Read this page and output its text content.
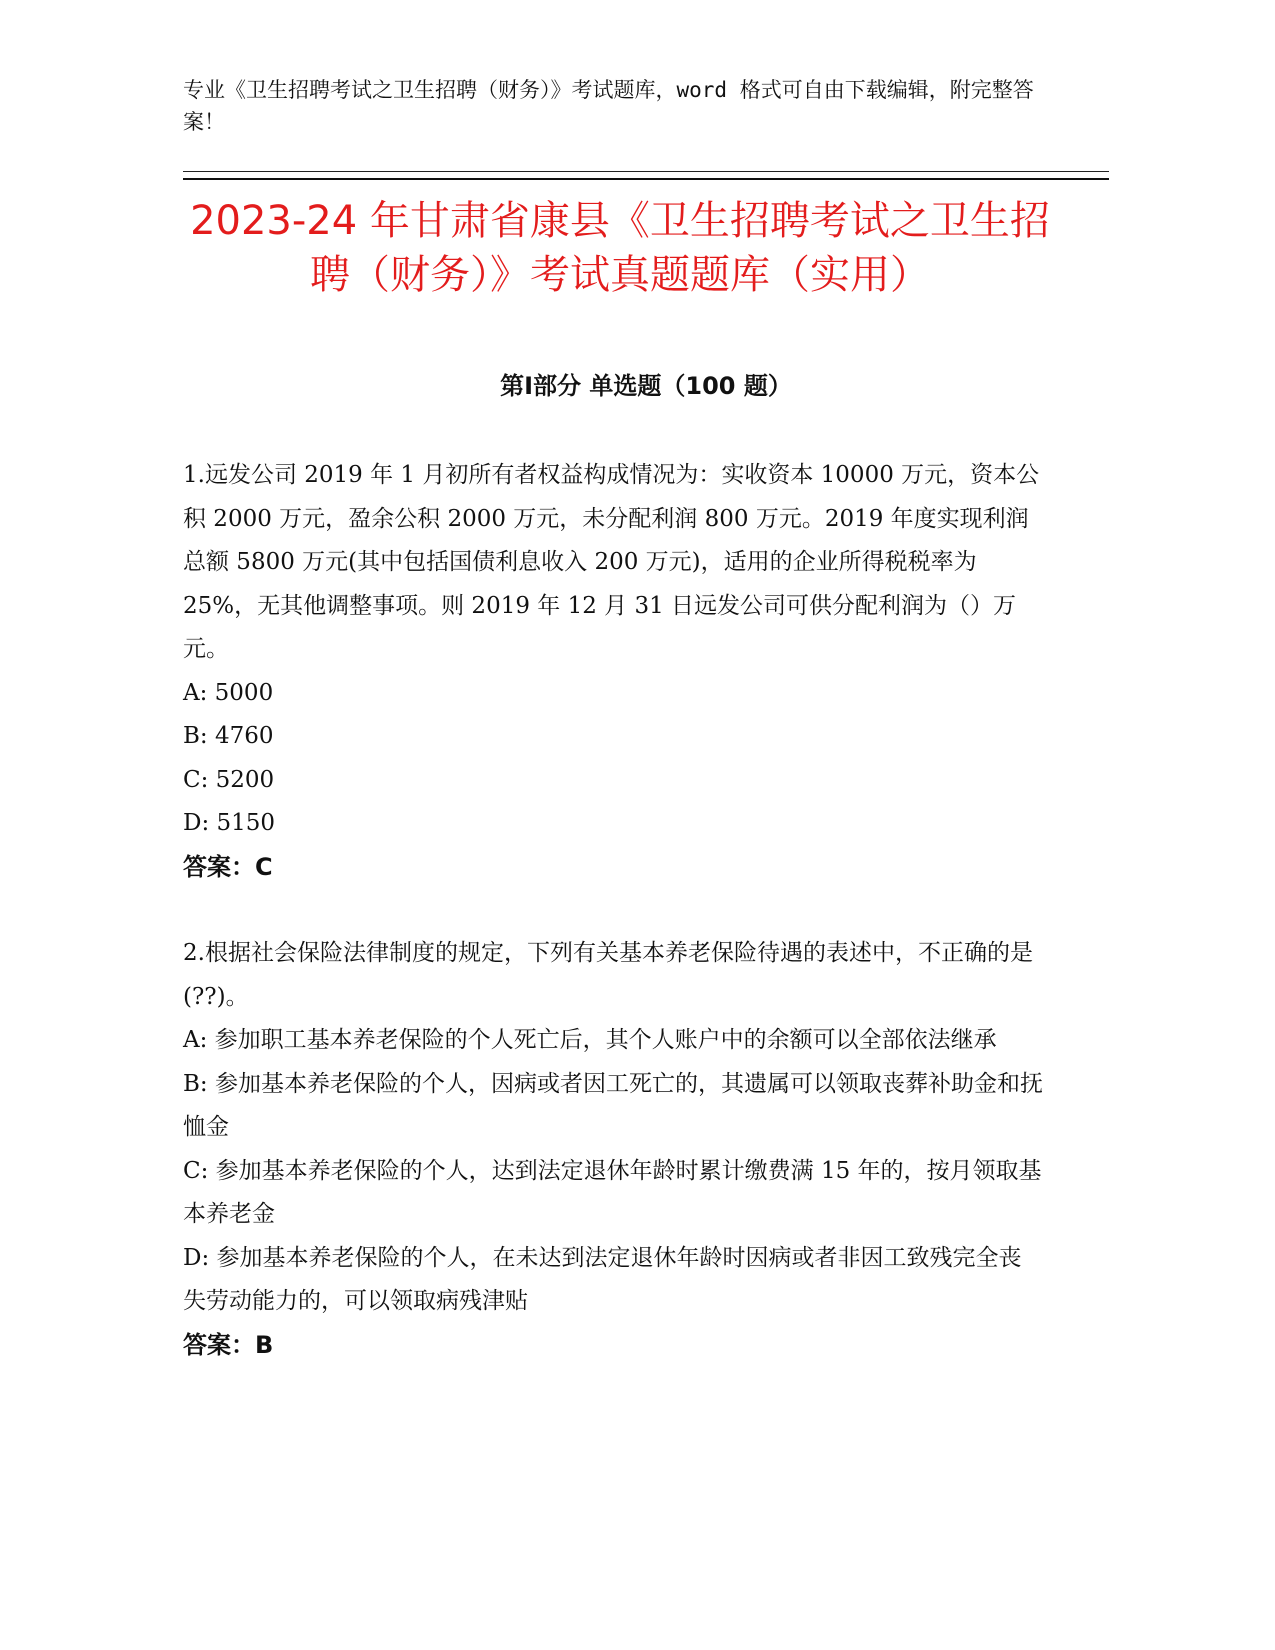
专业《卫生招聘考试之卫生招聘（财务）》考试题库，word 格式可自由下载编辑，附完整答案！

2023-24 年甘肃省康县《卫生招聘考试之卫生招聘（财务）》考试真题题库（实用）
第Ⅰ部分 单选题（100 题）

1.远发公司 2019 年 1 月初所有者权益构成情况为：实收资本 10000 万元，资本公积 2000 万元，盈余公积 2000 万元，未分配利润 800 万元。2019 年度实现利润总额 5800 万元(其中包括国债利息收入 200 万元)，适用的企业所得税税率为 25%，无其他调整事项。则 2019 年 12 月 31 日远发公司可供分配利润为（）万元。

A: 5000

B: 4760

C: 5200

D: 5150

答案：C

2.根据社会保险法律制度的规定，下列有关基本养老保险待遇的表述中，不正确的是(??)。

A: 参加职工基本养老保险的个人死亡后，其个人账户中的余额可以全部依法继承

B: 参加基本养老保险的个人，因病或者因工死亡的，其遗属可以领取丧葬补助金和抚恤金

C: 参加基本养老保险的个人，达到法定退休年龄时累计缴费满 15 年的，按月领取基本养老金

D: 参加基本养老保险的个人，在未达到法定退休年龄时因病或者非因工致残完全丧失劳动能力的，可以领取病残津贴

答案：B
